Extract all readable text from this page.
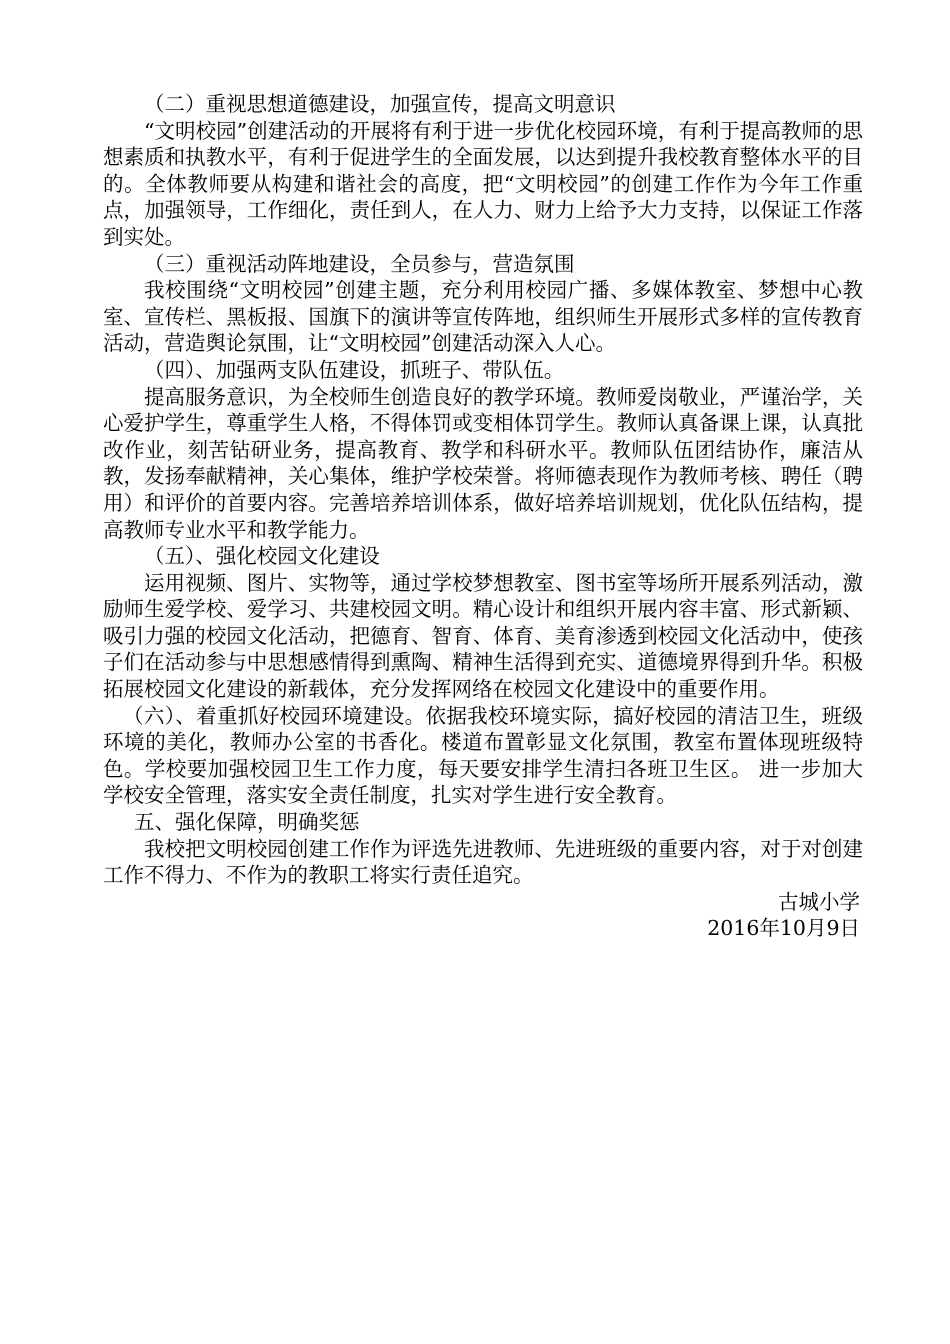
（二）重视思想道德建设，加强宣传，提高文明意识

“文明校园”创建活动的开展将有利于进一步优化校园环境，有利于提高教师的思想素质和执教水平，有利于促进学生的全面发展，以达到提升我校教育整体水平的目的。全体教师要从构建和谐社会的高度，把“文明校园”的创建工作作为今年工作重点，加强领导，工作细化，责任到人，在人力、财力上给予大力支持，以保证工作落到实处。

（三）重视活动阵地建设，全员参与，营造氛围

我校围绕“文明校园”创建主题，充分利用校园广播、多媒体教室、梦想中心教室、宣传栏、黑板报、国旗下的演讲等宣传阵地，组织师生开展形式多样的宣传教育活动，营造舆论氛围，让“文明校园”创建活动深入人心。

（四）、加强两支队伍建设，抓班子、带队伍。

提高服务意识，为全校师生创造良好的教学环境。教师爱岗敬业，严谨治学，关心爱护学生，尊重学生人格，不得体罚或变相体罚学生。教师认真备课上课，认真批改作业，刻苦钻研业务，提高教育、教学和科研水平。教师队伍团结协作，廉洁从教，发扬奉献精神，关心集体，维护学校荣誉。将师德表现作为教师考核、聘任（聘用）和评价的首要内容。完善培养培训体系，做好培养培训规划，优化队伍结构，提高教师专业水平和教学能力。

（五）、强化校园文化建设

运用视频、图片、实物等，通过学校梦想教室、图书室等场所开展系列活动，激励师生爱学校、爱学习、共建校园文明。精心设计和组织开展内容丰富、形式新颖、吸引力强的校园文化活动，把德育、智育、体育、美育渗透到校园文化活动中，使孩子们在活动参与中思想感情得到熏陶、精神生活得到充实、道德境界得到升华。积极拓展校园文化建设的新载体，充分发挥网络在校园文化建设中的重要作用。

（六）、着重抓好校园环境建设。依据我校环境实际，搞好校园的清洁卫生，班级环境的美化，教师办公室的书香化。楼道布置彰显文化氛围，教室布置体现班级特色。学校要加强校园卫生工作力度，每天要安排学生清扫各班卫生区。 进一步加大学校安全管理，落实安全责任制度，扎实对学生进行安全教育。

五、强化保障，明确奖惩

我校把文明校园创建工作作为评选先进教师、先进班级的重要内容，对于对创建工作不得力、不作为的教职工将实行责任追究。

古城小学

2016年10月9日
